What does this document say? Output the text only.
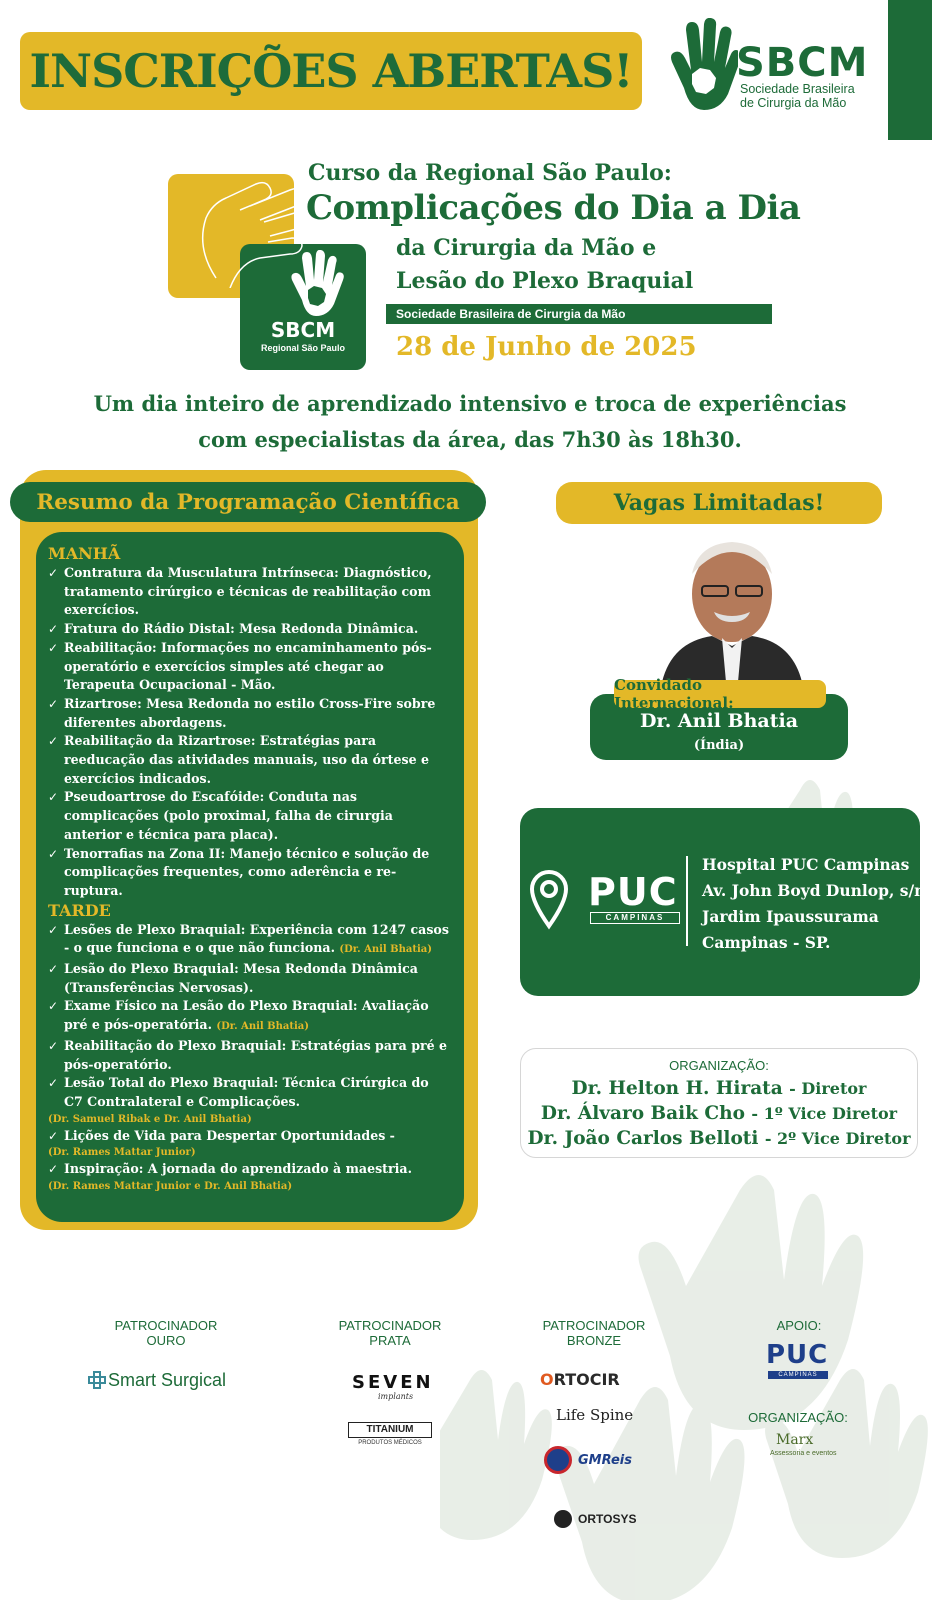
INSCRIÇÕES ABERTAS!	SBCM
Sociedade Brasileira
de Cirurgia da Mão
SBCM
Regional São Paulo
Curso da Regional São Paulo:
Complicações do Dia a Dia
da Cirurgia da Mão e
Lesão do Plexo Braquial
Sociedade Brasileira de Cirurgia da Mão
28 de Junho de 2025
Um dia inteiro de aprendizado intensivo e troca de experiências
com especialistas da área, das 7h30 às 18h30.
Resumo da Programação Científica
MANHÃ
✓ Contratura da Musculatura Intrínseca: Diagnóstico, tratamento cirúrgico e técnicas de reabilitação com exercícios.
✓ Fratura do Rádio Distal: Mesa Redonda Dinâmica.
✓ Reabilitação: Informações no encaminhamento pós-operatório e exercícios simples até chegar ao Terapeuta Ocupacional - Mão.
✓ Rizartrose: Mesa Redonda no estilo Cross-Fire sobre diferentes abordagens.
✓ Reabilitação da Rizartrose: Estratégias para reeducação das atividades manuais, uso da órtese e exercícios indicados.
✓ Pseudoartrose do Escafóide: Conduta nas complicações (polo proximal, falha de cirurgia anterior e técnica para placa).
✓ Tenorrafias na Zona II: Manejo técnico e solução de complicações frequentes, como aderência e re-ruptura.
TARDE
✓ Lesões de Plexo Braquial: Experiência com 1247 casos - o que funciona e o que não funciona. (Dr. Anil Bhatia)
✓ Lesão do Plexo Braquial: Mesa Redonda Dinâmica (Transferências Nervosas).
✓ Exame Físico na Lesão do Plexo Braquial: Avaliação pré e pós-operatória. (Dr. Anil Bhatia)
✓ Reabilitação do Plexo Braquial: Estratégias para pré e pós-operatório.
✓ Lesão Total do Plexo Braquial: Técnica Cirúrgica do C7 Contralateral e Complicações.
(Dr. Samuel Ribak e Dr. Anil Bhatia)
✓ Lições de Vida para Despertar Oportunidades -
(Dr. Rames Mattar Junior)
✓ Inspiração: A jornada do aprendizado à maestria.
(Dr. Rames Mattar Junior e Dr. Anil Bhatia)
Vagas Limitadas!
Convidado Internacional:
Dr. Anil Bhatia
(Índia)
PUC
CAMPINAS
Hospital PUC Campinas
Av. John Boyd Dunlop, s/n
Jardim Ipaussurama
Campinas - SP.
ORGANIZAÇÃO:
Dr. Helton H. Hirata - Diretor
Dr. Álvaro Baik Cho - 1º Vice Diretor
Dr. João Carlos Belloti - 2º Vice Diretor
PATROCINADOR
OURO
Smart Surgical
PATROCINADOR
PRATA
SEVEN
implants
TITANIUM
PRODUTOS MÉDICOS
PATROCINADOR
BRONZE
ORTOCIR
Life Spine
GMReis
ORTOSYS
APOIO:
PUC
CAMPINAS
ORGANIZAÇÃO:
Marx
Assessoria e eventos
